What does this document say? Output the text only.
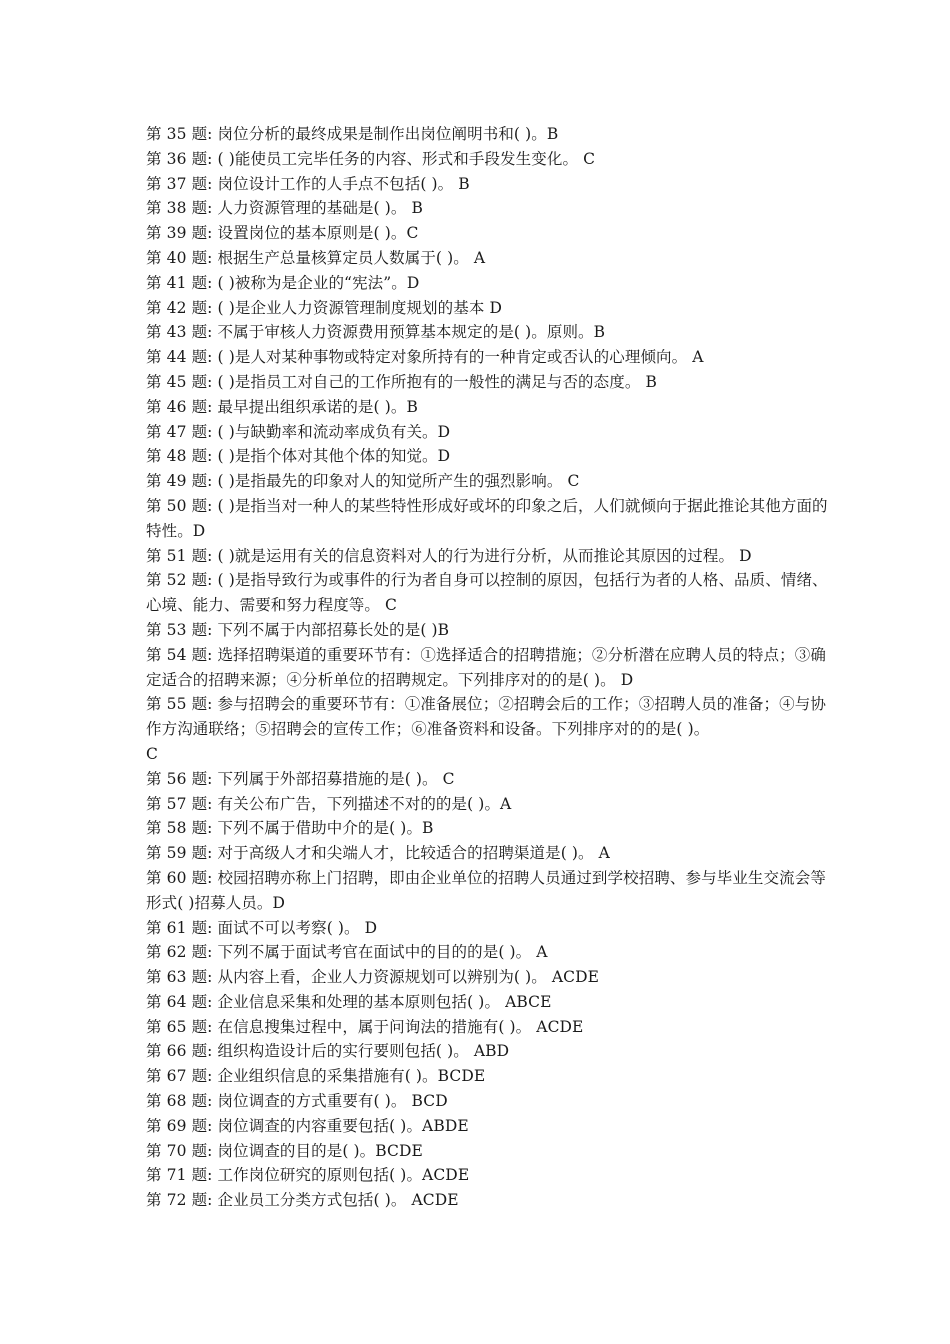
第 35 题: 岗位分析的最终成果是制作出岗位阐明书和( )。B

第 36 题: ( )能使员工完毕任务的内容、形式和手段发生变化。 C

第 37 题: 岗位设计工作的人手点不包括( )。 B

第 38 题: 人力资源管理的基础是( )。 B

第 39 题: 设置岗位的基本原则是( )。C

第 40 题: 根据生产总量核算定员人数属于( )。 A

第 41 题: ( )被称为是企业的“宪法”。D

第 42 题: ( )是企业人力资源管理制度规划的基本 D

第 43 题: 不属于审核人力资源费用预算基本规定的是( )。原则。B

第 44 题: ( )是人对某种事物或特定对象所持有的一种肯定或否认的心理倾向。 A

第 45 题: ( )是指员工对自己的工作所抱有的一般性的满足与否的态度。 B

第 46 题: 最早提出组织承诺的是( )。B

第 47 题: ( )与缺勤率和流动率成负有关。D

第 48 题: ( )是指个体对其他个体的知觉。D

第 49 题: ( )是指最先的印象对人的知觉所产生的强烈影响。 C

第 50 题: ( )是指当对一种人的某些特性形成好或坏的印象之后，人们就倾向于据此推论其他方面的特性。D

第 51 题: ( )就是运用有关的信息资料对人的行为进行分析，从而推论其原因的过程。 D

第 52 题: ( )是指导致行为或事件的行为者自身可以控制的原因，包括行为者的人格、品质、情绪、心境、能力、需要和努力程度等。 C

第 53 题: 下列不属于内部招募长处的是( )B

第 54 题: 选择招聘渠道的重要环节有：①选择适合的招聘措施；②分析潜在应聘人员的特点；③确定适合的招聘来源；④分析单位的招聘规定。下列排序对的的是( )。 D

第 55 题: 参与招聘会的重要环节有：①准备展位；②招聘会后的工作；③招聘人员的准备；④与协作方沟通联络；⑤招聘会的宣传工作；⑥准备资料和设备。下列排序对的的是( )。
C

第 56 题: 下列属于外部招募措施的是( )。 C

第 57 题: 有关公布广告，下列描述不对的的是( )。A

第 58 题: 下列不属于借助中介的是( )。B

第 59 题: 对于高级人才和尖端人才，比较适合的招聘渠道是( )。 A

第 60 题: 校园招聘亦称上门招聘，即由企业单位的招聘人员通过到学校招聘、参与毕业生交流会等形式( )招募人员。D

第 61 题: 面试不可以考察( )。 D

第 62 题: 下列不属于面试考官在面试中的目的的是( )。 A

第 63 题: 从内容上看，企业人力资源规划可以辨别为( )。 ACDE

第 64 题: 企业信息采集和处理的基本原则包括( )。 ABCE

第 65 题: 在信息搜集过程中，属于问询法的措施有( )。 ACDE

第 66 题: 组织构造设计后的实行要则包括( )。 ABD

第 67 题: 企业组织信息的采集措施有( )。BCDE

第 68 题: 岗位调查的方式重要有( )。 BCD

第 69 题: 岗位调查的内容重要包括( )。ABDE

第 70 题: 岗位调查的目的是( )。BCDE

第 71 题: 工作岗位研究的原则包括( )。ACDE

第 72 题: 企业员工分类方式包括( )。 ACDE
